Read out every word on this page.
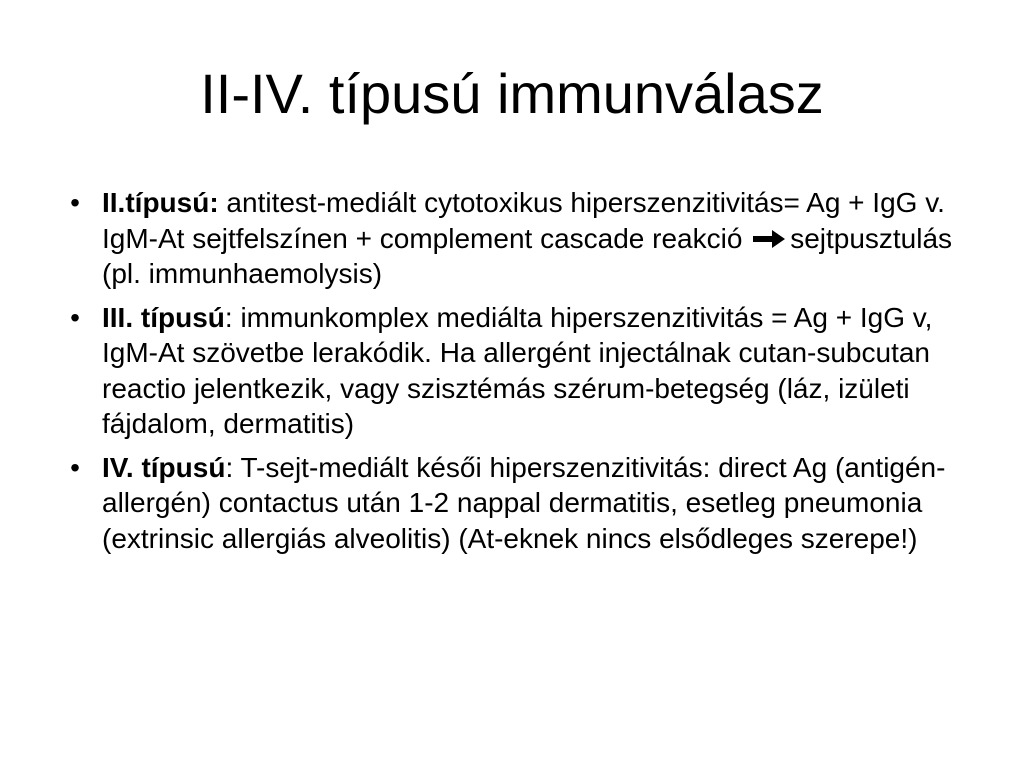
II-IV. típusú immunválasz
• II.típusú: antitest-mediált cytotoxikus hiperszenzitivitás= Ag + IgG v. IgM-At sejtfelszínen + complement cascade reakció sejtpusztulás (pl. immunhaemolysis)
• III. típusú: immunkomplex mediálta hiperszenzitivitás = Ag + IgG v, IgM-At szövetbe lerakódik. Ha allergént injectálnak cutan-subcutan reactio jelentkezik, vagy szisztémás szérum-betegség (láz, izületi fájdalom, dermatitis)
• IV. típusú: T-sejt-mediált késői hiperszenzitivitás: direct Ag (antigén-allergén) contactus után 1-2 nappal dermatitis, esetleg pneumonia (extrinsic allergiás alveolitis) (At-eknek nincs elsődleges szerepe!)
